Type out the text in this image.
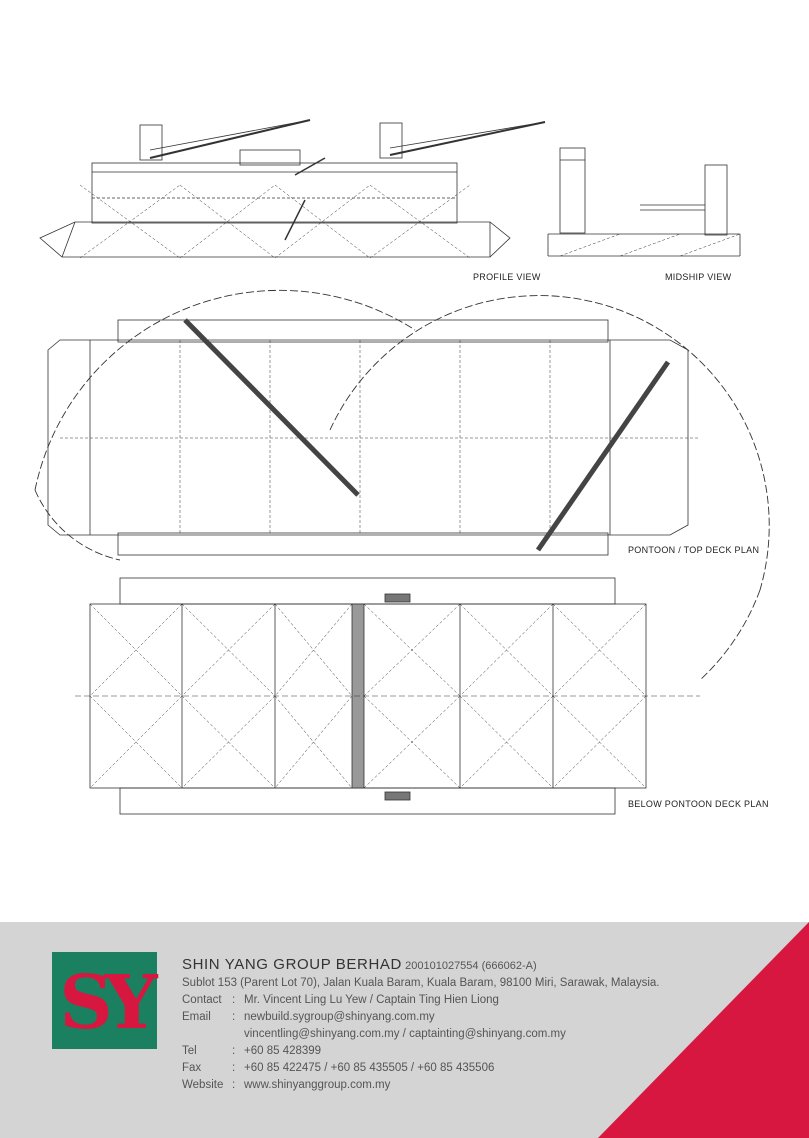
PROFILE VIEW	MIDSHIP VIEW
PONTOON / TOP DECK PLAN
BELOW PONTOON DECK PLAN
SY	SHIN YANG GROUP BERHAD 200101027554 (666062-A)
Sublot 153 (Parent Lot 70), Jalan Kuala Baram, Kuala Baram, 98100 Miri, Sarawak, Malaysia.
Contact : Mr. Vincent Ling Lu Yew / Captain Ting Hien Liong
Email	: newbuild.sygroup@shinyang.com.my
vincentling@shinyang.com.my / captainting@shinyang.com.my
Tel	: +60 85 428399
Fax	: +60 85 422475 / +60 85 435505 / +60 85 435506
Website : www.shinyanggroup.com.my
